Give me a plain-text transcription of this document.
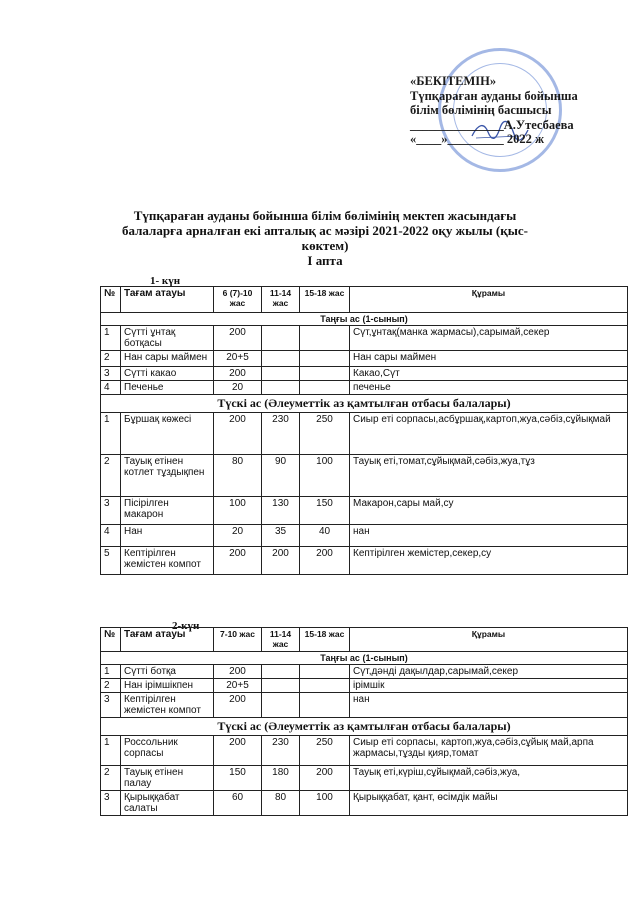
«БЕКІТЕМІН»
Түпқараған ауданы бойынша
білім бөлімінің басшысы
_______________А.Утесбаева
«____»_________ 2022 ж
Түпқараған ауданы бойынша білім бөлімінің мектеп жасындағы
балаларға арналған екі апталық ас мәзірі 2021-2022 оқу жылы (қыс-
көктем)
I апта
1- күн
№	Тағам атауы	6 (7)-10 жас	11-14 жас	15-18 жас	Құрамы
Таңғы ас (1-сынып)					
1	Сүтті ұнтақ ботқасы	200			Сүт,ұнтақ(манка жармасы),сарымай,секер
2	Нан сары маймен	20+5			Нан сары маймен
3	Сүтті какао	200			Какао,Сүт
4	Печенье	20			печенье
Түскі ас (Әлеуметтік аз қамтылған отбасы балалары)					
1	Бұршақ көжесі	200	230	250	Сиыр еті сорпасы,асбұршақ,картоп,жуа,сәбіз,сұйықмай
2	Тауық етінен котлет тұздықпен	80	90	100	Тауық еті,томат,сұйықмай,сәбіз,жуа,тұз
3	Пісірілген макарон	100	130	150	Макарон,сары май,су
4	Нан	20	35	40	нан
5	Кептірілген жемістен компот	200	200	200	Кептірілген жемістер,секер,су
2-күн
№	Тағам атауы	7-10 жас	11-14 жас	15-18 жас	Құрамы
Таңғы ас (1-сынып)					
1	Сүтті ботқа	200			Сүт,дәнді дақылдар,сарымай,секер
2	Нан ірімшікпен	20+5			ірімшік
3	Кептірілген жемістен компот	200			нан
Түскі ас (Әлеуметтік аз қамтылған отбасы балалары)					
1	Россольник сорпасы	200	230	250	Сиыр еті сорпасы, картоп,жуа,сәбіз,сұйық май,арпа жармасы,тұзды қияр,томат
2	Тауық етінен палау	150	180	200	Тауық еті,күріш,сұйықмай,сәбіз,жуа,
3	Қырыққабат салаты	60	80	100	Қырыққабат, қант, өсімдік майы
